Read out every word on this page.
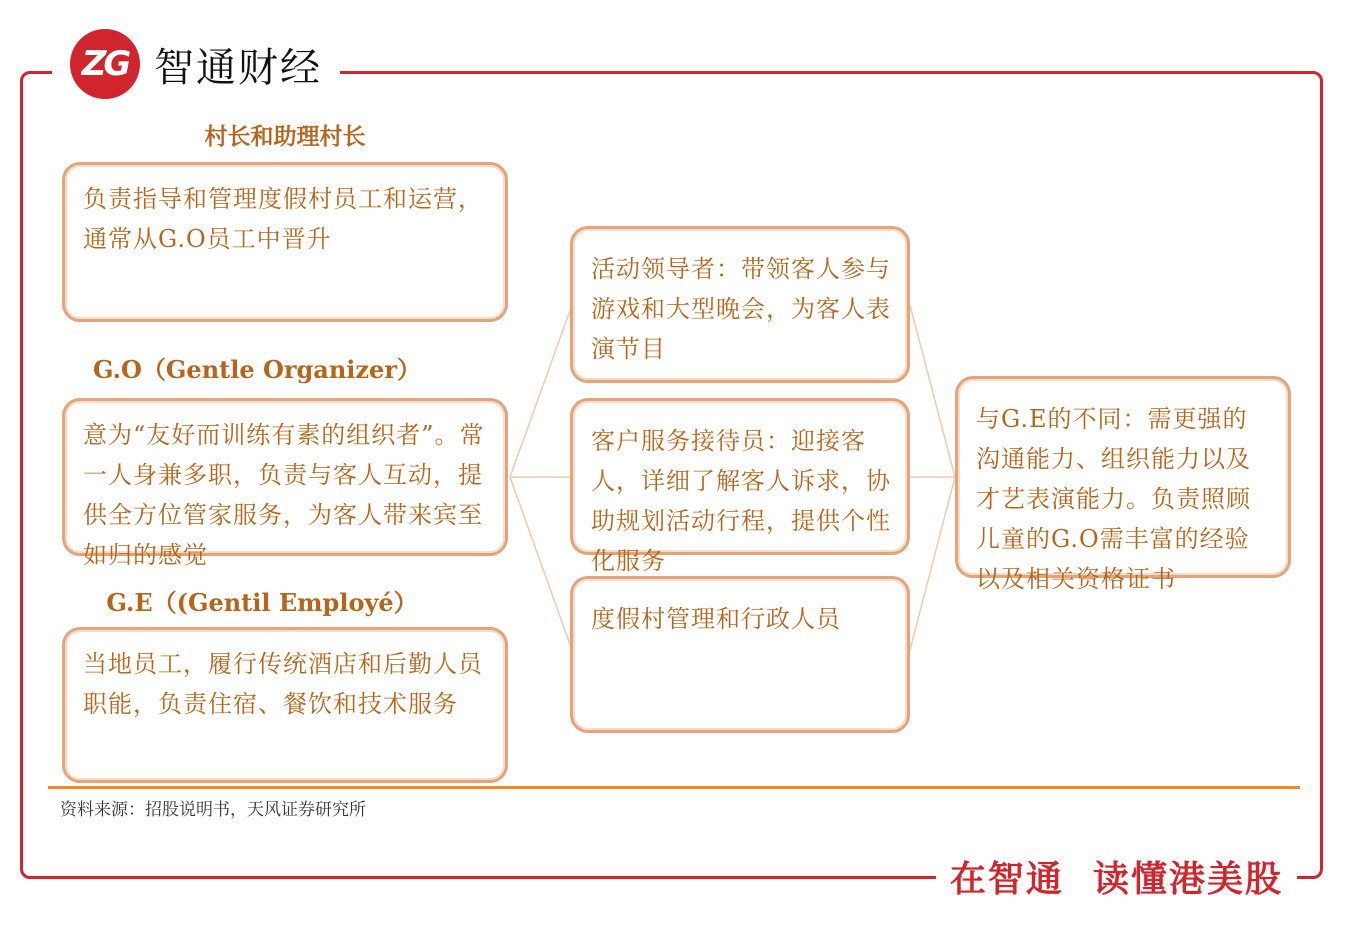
ZG 智通财经
村长和助理村长
负责指导和管理度假村员工和运营，通常从G.O员工中晋升
G.O（Gentle Organizer）
意为“友好而训练有素的组织者”。常一人身兼多职，负责与客人互动，提供全方位管家服务，为客人带来宾至如归的感觉
G.E（(Gentil Employé）
当地员工，履行传统酒店和后勤人员职能，负责住宿、餐饮和技术服务
活动领导者：带领客人参与游戏和大型晚会，为客人表演节目
客户服务接待员：迎接客人，详细了解客人诉求，协助规划活动行程，提供个性化服务
度假村管理和行政人员
与G.E的不同：需更强的沟通能力、组织能力以及才艺表演能力。负责照顾儿童的G.O需丰富的经验以及相关资格证书
资料来源：招股说明书，天风证券研究所
在智通  读懂港美股
